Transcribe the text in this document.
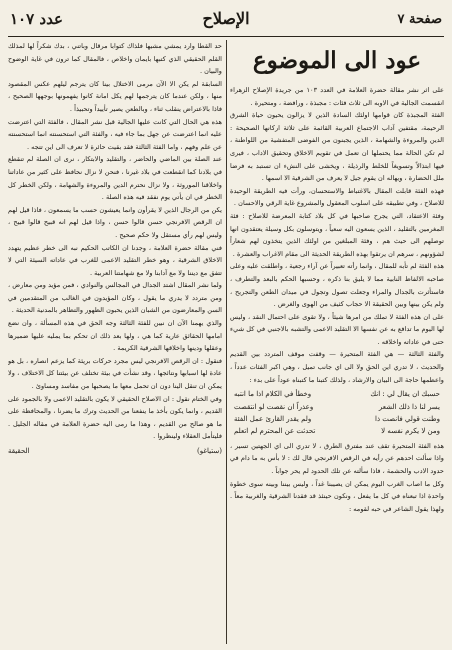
صفحة ٧
الإصلاح
عدد ١٠٧
عود الى الموضوع

على اثر نشر مقالة حضرة العلامة في العدد ١٠٣ من جريدة الإصلاح الزهراء انقسمت الجالية في الاوبه الى ثلاث فئات : مجبذة ، ورافضة ، ومتحيرة .

الفئة المجبذة كان قوامها اولئك السادة الذين لا يزالون يحيون حياة الشرق الرحيمة، مقتفين آداب الاجتماع العربية القائمة على ثلاثة اركانها الصحيحة : الدين والمروءة والشهامة ، الذين يجبنون من الفوضى المتفشية من اللواطنة ، لم تكن الحالة مما يحتملها ان تعمل في تقويم الاخلاق وتحقيق الاداب ، فيرى فيها ابتذالاً وتسويغاً للخلط والرذيلة ، ويخشى على النشء ان تستبد به فرضا ملل الحضارة ، ويهاله ان يقوم جيل لا يعرف من الشرقية الا اسمها .

فهذه الفئة قابلت المقال بالاغتباط والاستحسان، ورأت فيه الطريقة الوحيدة للاصلاح ، وفي تطبيقه على اسلوب المعقول والمشروع غاية الرقي والاحسان .

وفئة الاعتقاد، التي يجرح صاحبها في كل بلاد كتابة المعرضة للاصلاح : فئة المغرمين بالتقليد ، الذين يسعون اليه سعياً ، ويتوسلون بكل وسيلة يعتقدون انها توصلهم الى حيث هم ، وفئة المبلغين من اولئك الذين يتخذون لهم شعاراً لشؤونهم ، سرهم ان يرتقوا بهذه الطريقة الحديثة الى مقام الاغراب والعشرة .

هذه الفئة لم تأبه للمقال ، وانما رأته تعبيراً عن آراء رجعية ، واطلقت عليه وعلى صاحبه الالفاظ النابية مما لا يليق بنا ذكره ، وحسبها الحكم بالبعد والتطرف ، فاستأثرت بالجدال والمراء وجعلت تصول وتجول في ميدان الطعن والتجريح ، ولم يكن بينها وبين الحقيقة الا حجاب كثيف من الهوى والغرض .

على ان هذه الفئة لا تملك من امرها شيئاً ، ولا تقوى على احتمال النقد ، وليس لها اليوم ما تدافع به عن نفسها الا التقليد الاعمى والتشبه بالاجنبي في كل شيء حتى في عاداته واخلاقه .

والفئة الثالثة — هي الفئة المتحيرة — وقفت موقف المتردد بين القديم والحديث ، لا تدري اين الحق ولا الى اي جانب تميل ، وهي اكبر الفئات عدداً ، واعظمها حاجة الى البيان والارشاد ، ولذلك كتبنا ما كتبناه عوداً على بدء :

حسبك ان يقال لي : انك	وخطأ في الكلام اذا ما انتبه
يسر لنا ذا ذلك الشعر	وعذراً ان نقصت لو انتقصت
وطنت قولي فانصت ذا	ولم يقدر القارئ عمل الفئة
ومن لا يكرم نفسه لا	تحدثت عن المحترم لم اتعلم

هذه الفئة المتحيرة تقف عند مفترق الطرق ، لا تدري الى اي الجهتين تسير ، واذا سألت احدهم عن رأيه في الرقص الافرنجي قال لك : لا بأس به ما دام في حدود الادب والحشمة ، فاذا سألته عن تلك الحدود لم يحر جواباً .

وكل ما اصاب الغرب اليوم يمكن ان يصيبنا غداً ، وليس بيننا وبينه سوى خطوة واحدة اذا تبعناه في كل ما يفعل ، ونكون حينئذ قد فقدنا الشرقية والغربية معاً . ولهذا يقول الشاعر في حبه لقومه :

حد القطا وارد يمشي مشيها فلذاك كتوابا مرقال وباتني ، بدك شكراً لها لمذلك القلم الحقيقي الذي كتبها بايمان واخلاص ، فالمقال كما ترون في غاية الوضوح والبيان .

السابقة لم يكن الا الآن مرمى الاختلال بينا كان يترجم ليلهم عكس المقصود منها ، ولكن عندما كان يترجمها لهم يكل امانة كانوا يفهمونها بوجهها الصحيح ، فاذا بالاعتراض ينقلب ثناء ، وبالطعن يصير تأييداً وتحبيذاً .

هذه هي الحال التي كانت عليها الجالية قبل نشر المقال ، فالفئة التي اعترضت عليه انما اعترضت عن جهل بما جاء فيه ، والفئة التي استحسنته انما استحسنته عن علم وفهم ، واما الفئة الثالثة فقد بقيت حائرة لا تعرف الى اين تتجه .

عند الصلة بين الماضي والحاضر ، والتقليد والابتكار ، نرى ان الصلة لم تنقطع في بلادنا كما انقطعت في بلاد غيرنا ، فنحن لا نزال نحافظ على كثير من عاداتنا واخلاقنا الموروثة ، ولا نزال نحترم الدين والمروءة والشهامة ، ولكن الخطر كل الخطر في ان يأتي يوم نفقد فيه هذه الصلة .

يكن من الرجال الذين لا يقرأون وانما يعيشون حسب ما يسمعون ، فاذا قيل لهم ان الرقص الافرنجي حسن قالوا حسن ، واذا قيل لهم انه قبيح قالوا قبيح ، وليس لهم رأي مستقل ولا حكم صحيح .

فني مقالة حضرة العلامة ، وجدنا ان الكاتب الحكيم نبه الى خطر عظيم يتهدد الاخلاق الشرقية ، وهو خطر التقليد الاعمى للغرب في عاداته السيئة التي لا تتفق مع ديننا ولا مع آدابنا ولا مع شهامتنا العربية .

ولما نشر المقال اشتد الجدال في المجالس والنوادي ، فمن مؤيد ومن معارض ، ومن متردد لا يدري ما يقول ، وكان المؤيدون في الغالب من المتقدمين في السن والمعارضون من الشبان الذين يحبون الظهور والتظاهر بالمدنية الحديثة .

والذي يهمنا الآن ان نبين للفئة الثالثة وجه الحق في هذه المسألة ، وان نضع امامها الحقائق عارية كما هي ، ولها بعد ذلك ان تحكم بما يمليه عليها ضميرها وعقلها ودينها واخلاقها الشرقية الكريمة .

فنقول : ان الرقص الافرنجي ليس مجرد حركات بريئة كما يزعم انصاره ، بل هو عادة لها اسبابها ونتائجها ، وقد نشأت في بيئة تختلف عن بيئتنا كل الاختلاف ، ولا يمكن ان تنقل الينا دون ان تحمل معها ما يصحبها من مفاسد ومساوئ .

وفي الختام نقول : ان الاصلاح الحقيقي لا يكون بالتقليد الاعمى ولا بالجمود على القديم ، وانما يكون بأخذ ما ينفعنا من الحديث وترك ما يضرنا ، والمحافظة على ما هو صالح من القديم ، وهذا ما رمى اليه حضرة العلامة في مقاله الجليل . فليتأمل العقلاء ولينظروا .

(ستياغو)
الحقيقة
